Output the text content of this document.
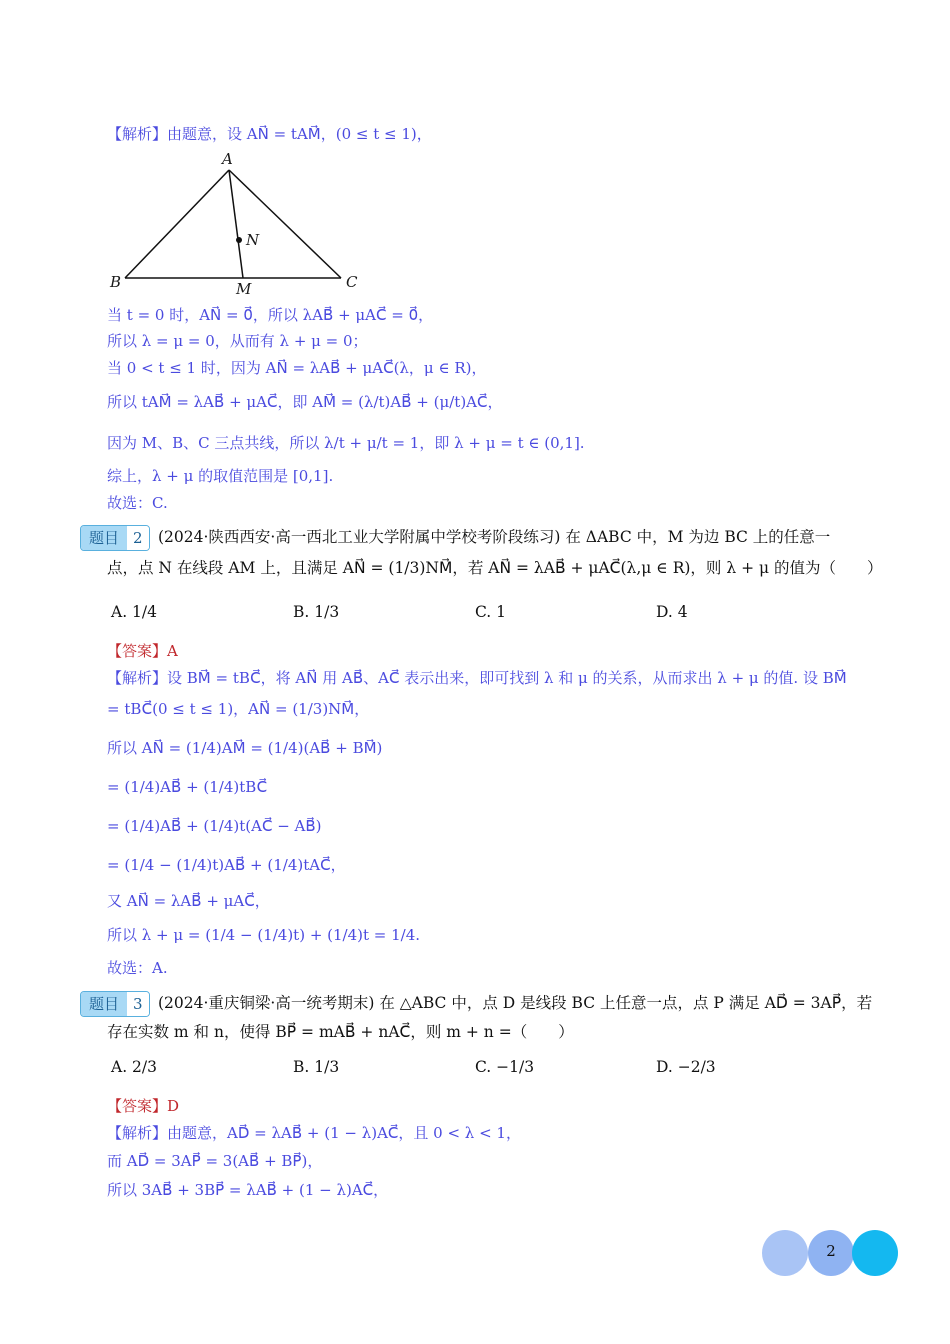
【解析】由题意，设 AN⃗ = tAM⃗，(0 ≤ t ≤ 1)，
A
B	C
M
N
当 t = 0 时，AN⃗ = 0⃗，所以 λAB⃗ + μAC⃗ = 0⃗，
所以 λ = μ = 0，从而有 λ + μ = 0；
当 0 < t ≤ 1 时，因为 AN⃗ = λAB⃗ + μAC⃗(λ，μ ∈ R)，
所以 tAM⃗ = λAB⃗ + μAC⃗，即 AM⃗ = (λ/t)AB⃗ + (μ/t)AC⃗，
因为 M、B、C 三点共线，所以 λ/t + μ/t = 1，即 λ + μ = t ∈ (0,1].
综上，λ + μ 的取值范围是 [0,1].
故选：C.
题目 2 (2024·陕西西安·高一西北工业大学附属中学校考阶段练习) 在 ΔABC 中，M 为边 BC 上的任意一
点，点 N 在线段 AM 上，且满足 AN⃗ = (1/3)NM⃗，若 AN⃗ = λAB⃗ + μAC⃗(λ,μ ∈ R)，则 λ + μ 的值为（　　）
A. 1/4	B. 1/3	C. 1	D. 4
【答案】A
【解析】设 BM⃗ = tBC⃗，将 AN⃗ 用 AB⃗、AC⃗ 表示出来，即可找到 λ 和 μ 的关系，从而求出 λ + μ 的值. 设 BM⃗
= tBC⃗(0 ≤ t ≤ 1)，AN⃗ = (1/3)NM⃗，
所以 AN⃗ = (1/4)AM⃗ = (1/4)(AB⃗ + BM⃗)
= (1/4)AB⃗ + (1/4)tBC⃗
= (1/4)AB⃗ + (1/4)t(AC⃗ − AB⃗)
= (1/4 − (1/4)t)AB⃗ + (1/4)tAC⃗，
又 AN⃗ = λAB⃗ + μAC⃗，
所以 λ + μ = (1/4 − (1/4)t) + (1/4)t = 1/4.
故选：A.
题目 3 (2024·重庆铜梁·高一统考期末) 在 △ABC 中，点 D 是线段 BC 上任意一点，点 P 满足 AD⃗ = 3AP⃗，若
存在实数 m 和 n，使得 BP⃗ = mAB⃗ + nAC⃗，则 m + n =（　　）
A. 2/3	B. 1/3	C. −1/3	D. −2/3
【答案】D
【解析】由题意，AD⃗ = λAB⃗ + (1 − λ)AC⃗，且 0 < λ < 1，
而 AD⃗ = 3AP⃗ = 3(AB⃗ + BP⃗)，
所以 3AB⃗ + 3BP⃗ = λAB⃗ + (1 − λ)AC⃗，
2
